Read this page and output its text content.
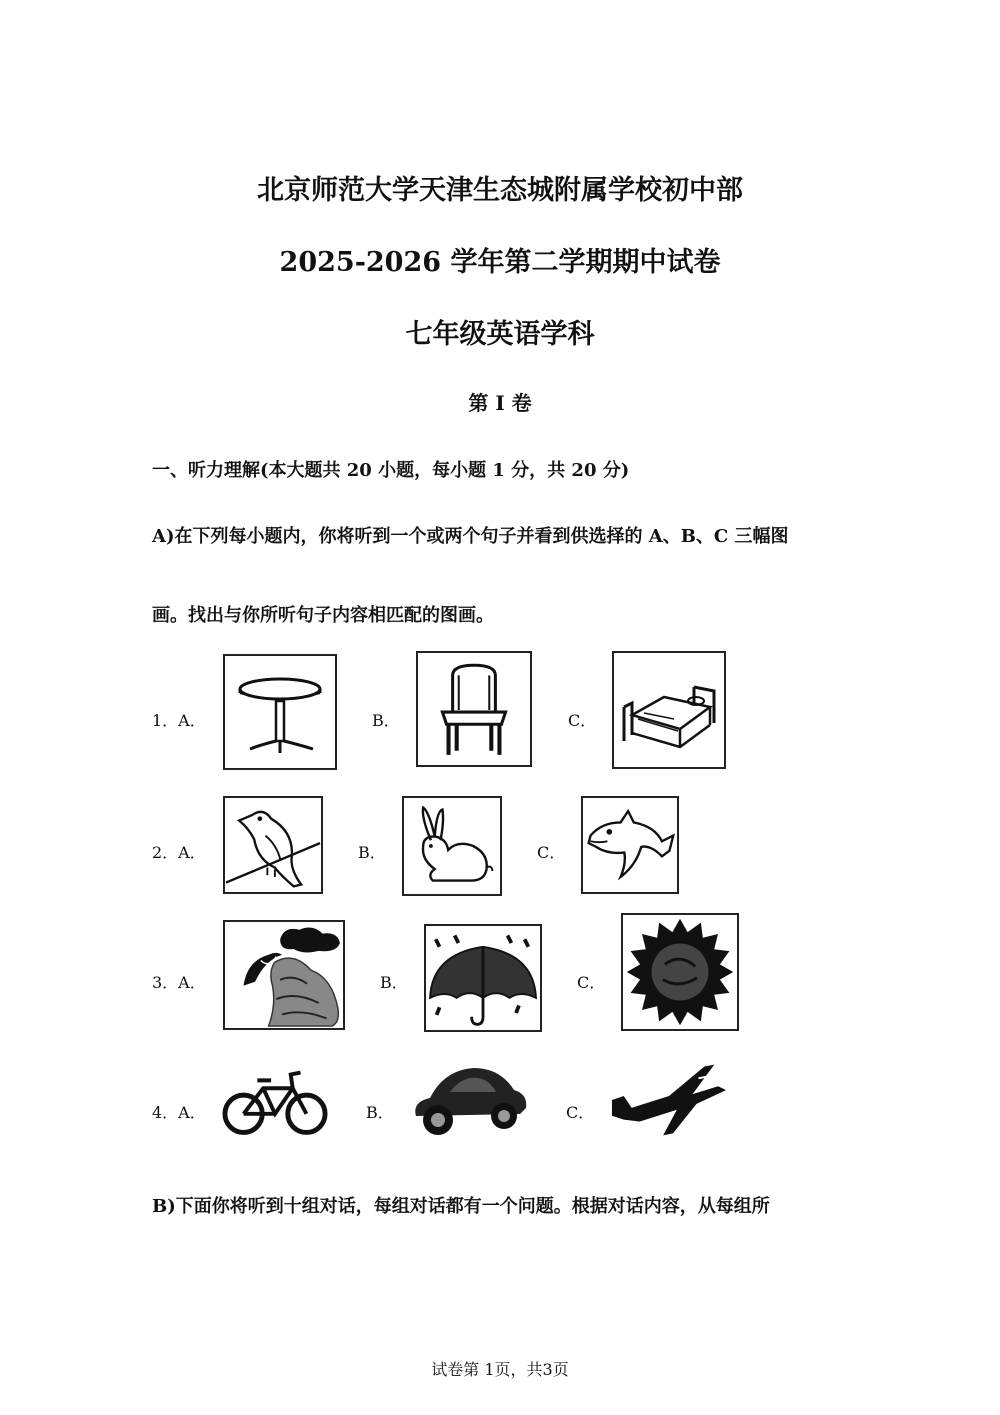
北京师范大学天津生态城附属学校初中部
2025-2026 学年第二学期期中试卷
七年级英语学科
第 I 卷
一、听力理解(本大题共 20 小题，每小题 1 分，共 20 分)
A)在下列每小题内，你将听到一个或两个句子并看到供选择的 A、B、C 三幅图
画。找出与你所听句子内容相匹配的图画。
1．A．	B．	C．
2．A．	B．	C．
3．A．	B．	C．
4．A．	B．	C．
B)下面你将听到十组对话，每组对话都有一个问题。根据对话内容，从每组所
试卷第 1页，共3页
